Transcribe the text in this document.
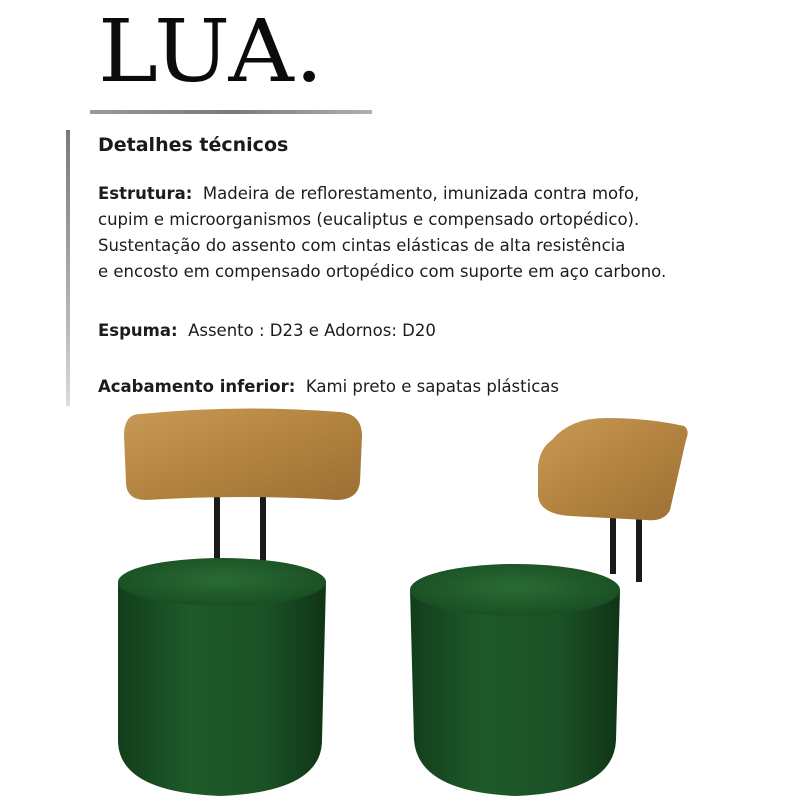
LUA.
Detalhes técnicos
Estrutura: Madeira de reflorestamento, imunizada contra mofo,
cupim e microorganismos (eucaliptus e compensado ortopédico).
Sustentação do assento com cintas elásticas de alta resistência
e encosto em compensado ortopédico com suporte em aço carbono.
Espuma: Assento : D23 e Adornos: D20
Acabamento inferior: Kami preto e sapatas plásticas
